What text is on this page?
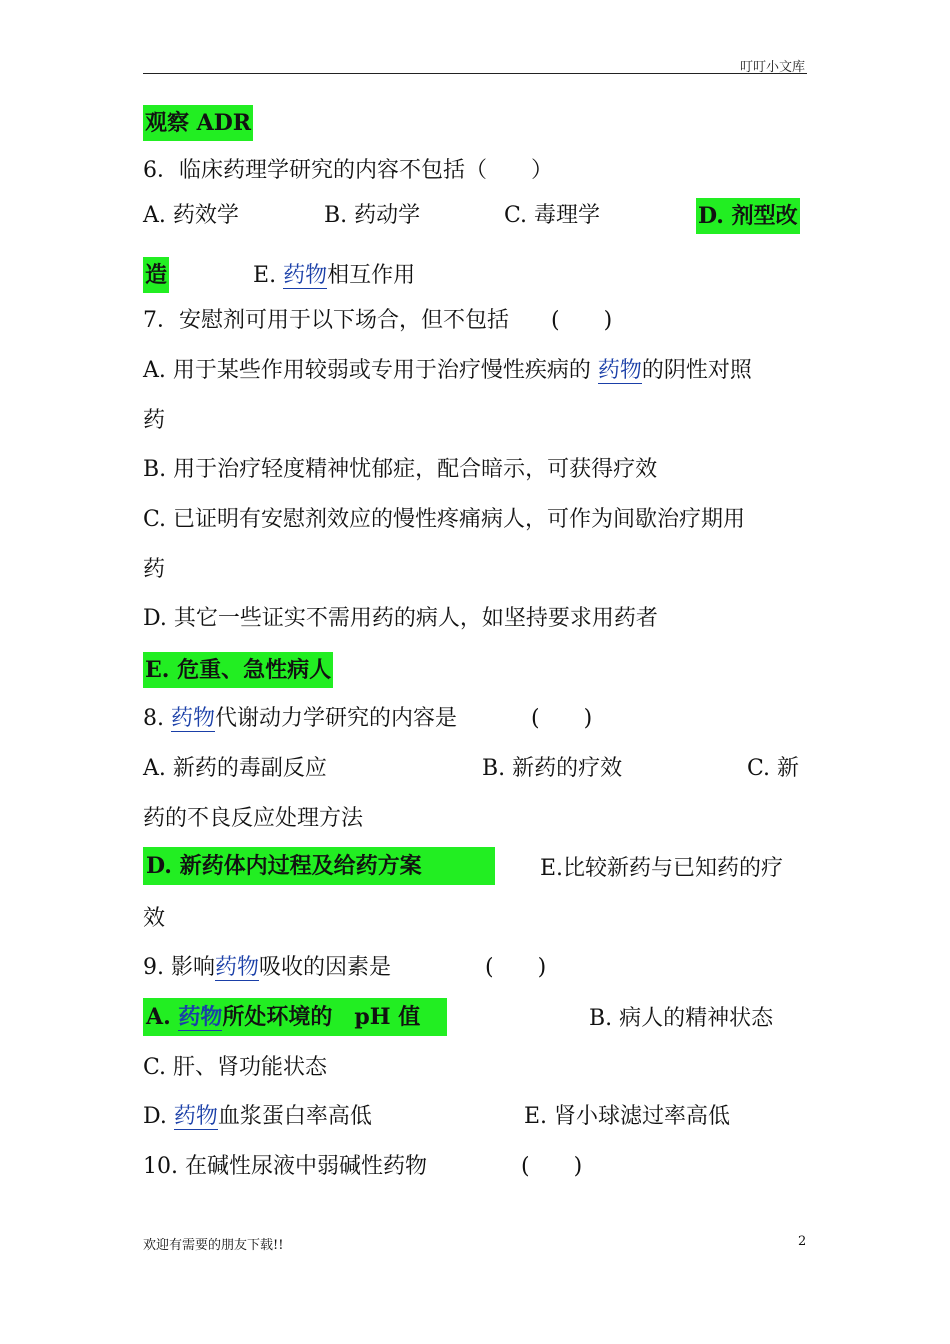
叮叮小文库
观察 ADR
6．临床药理学研究的内容不包括（　　）
A. 药效学	B. 药动学	C. 毒理学	D. 剂型改
造	E. 药物相互作用
7．安慰剂可用于以下场合，但不包括 (　　)
A. 用于某些作用较弱或专用于治疗慢性疾病的 药物的阴性对照
药
B. 用于治疗轻度精神忧郁症，配合暗示，可获得疗效
C. 已证明有安慰剂效应的慢性疼痛病人，可作为间歇治疗期用
药
D. 其它一些证实不需用药的病人，如坚持要求用药者
E. 危重、急性病人
8. 药物代谢动力学研究的内容是	(　　)
A. 新药的毒副反应	B. 新药的疗效	C. 新
药的不良反应处理方法
D. 新药体内过程及给药方案	E.比较新药与已知药的疗
效
9. 影响药物吸收的因素是	(　　)
A. 药物所处环境的　pH 值	B. 病人的精神状态
C. 肝、肾功能状态
D. 药物血浆蛋白率高低	E. 肾小球滤过率高低
10. 在碱性尿液中弱碱性药物	(　　)
欢迎有需要的朋友下载!!	2
